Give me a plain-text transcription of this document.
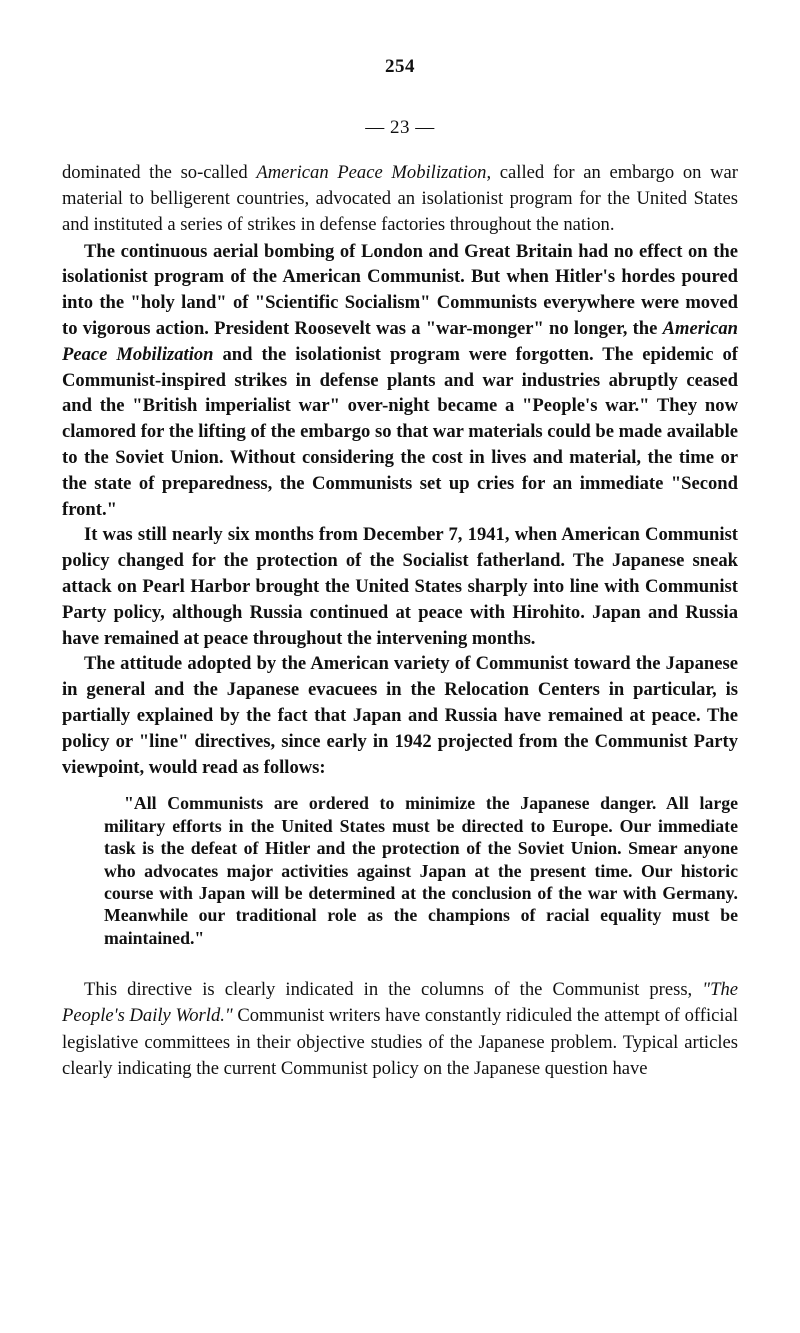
254
— 23 —

dominated the so-called American Peace Mobilization, called for an embargo on war material to belligerent countries, advocated an isolationist program for the United States and instituted a series of strikes in defense factories throughout the nation.

The continuous aerial bombing of London and Great Britain had no effect on the isolationist program of the American Communist. But when Hitler's hordes poured into the "holy land" of "Scientific Socialism" Communists everywhere were moved to vigorous action. President Roosevelt was a "war-monger" no longer, the American Peace Mobilization and the isolationist program were forgotten. The epidemic of Communist-inspired strikes in defense plants and war industries abruptly ceased and the "British imperialist war" over-night became a "People's war." They now clamored for the lifting of the embargo so that war materials could be made available to the Soviet Union. Without considering the cost in lives and material, the time or the state of preparedness, the Communists set up cries for an immediate "Second front."

It was still nearly six months from December 7, 1941, when American Communist policy changed for the protection of the Socialist fatherland. The Japanese sneak attack on Pearl Harbor brought the United States sharply into line with Communist Party policy, although Russia continued at peace with Hirohito. Japan and Russia have remained at peace throughout the intervening months.

The attitude adopted by the American variety of Communist toward the Japanese in general and the Japanese evacuees in the Relocation Centers in particular, is partially explained by the fact that Japan and Russia have remained at peace. The policy or "line" directives, since early in 1942 projected from the Communist Party viewpoint, would read as follows:

"All Communists are ordered to minimize the Japanese danger. All large military efforts in the United States must be directed to Europe. Our immediate task is the defeat of Hitler and the protection of the Soviet Union. Smear anyone who advocates major activities against Japan at the present time. Our historic course with Japan will be determined at the conclusion of the war with Germany. Meanwhile our traditional role as the champions of racial equality must be maintained."

This directive is clearly indicated in the columns of the Communist press, "The People's Daily World." Communist writers have constantly ridiculed the attempt of official legislative committees in their objective studies of the Japanese problem. Typical articles clearly indicating the current Communist policy on the Japanese question have
